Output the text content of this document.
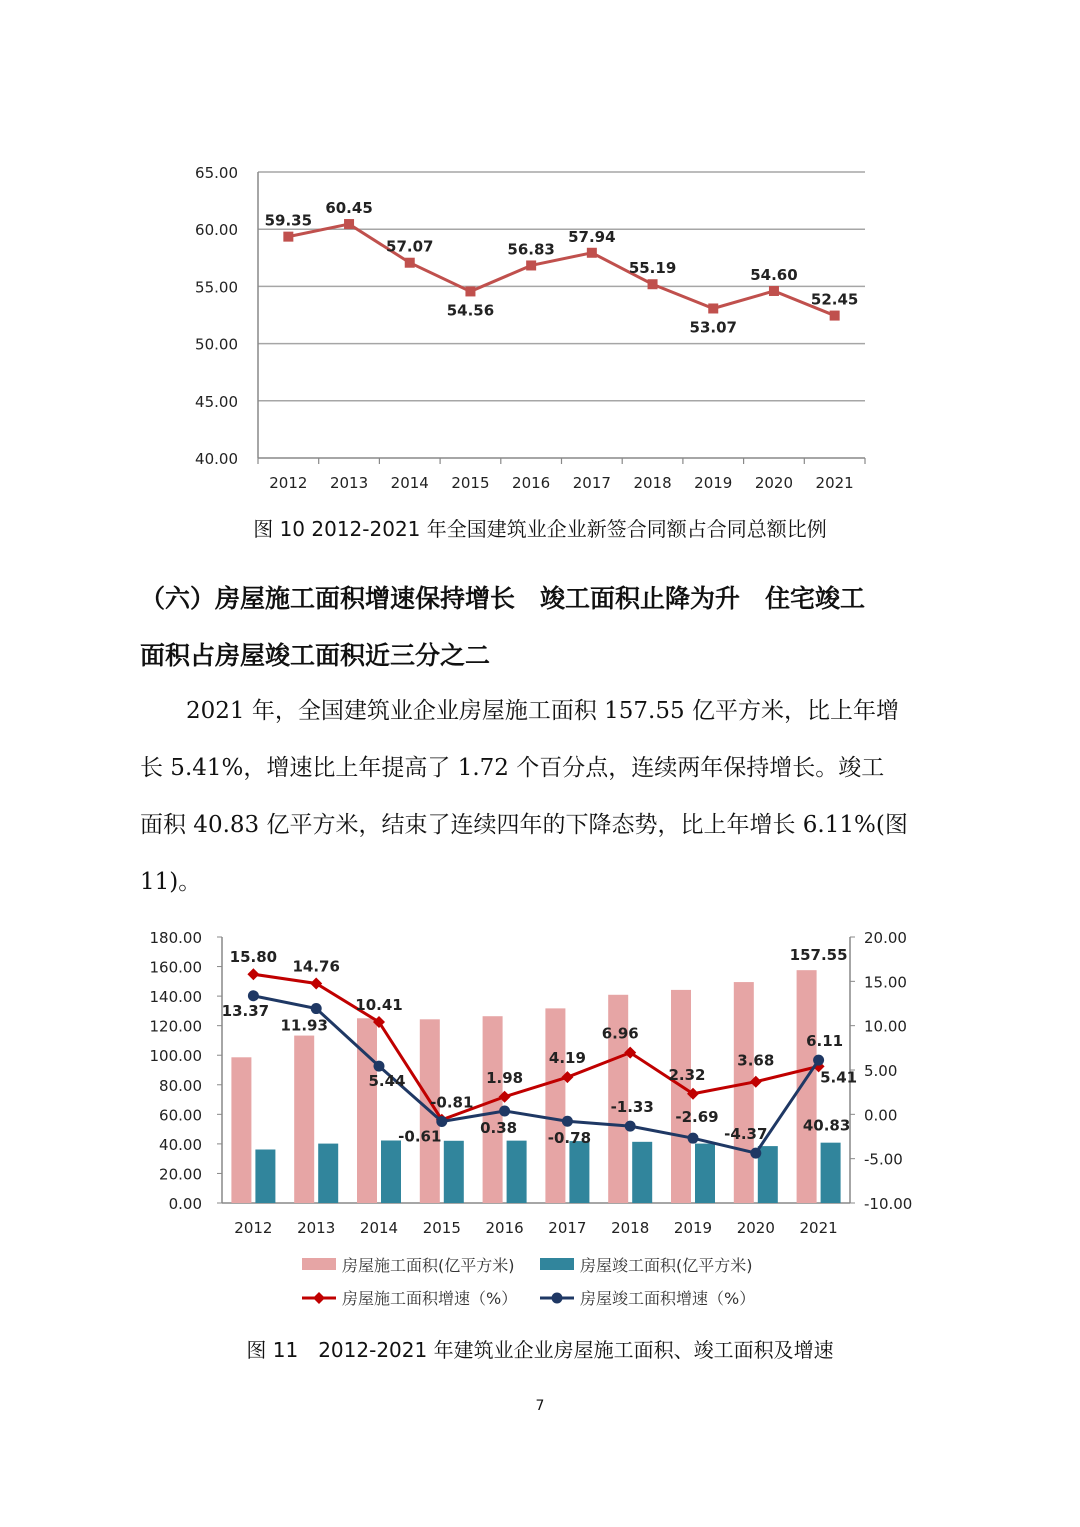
40.00
45.00
50.00
55.00
60.00
65.00
2012 2013 2014 2015 2016 2017 2018 2019 2020 2021
59.35
60.45
57.07
54.56
56.83
57.94
55.19
53.07
54.60
52.45
图 10 2012-2021 年全国建筑业企业新签合同额占合同总额比例
（六）房屋施工面积增速保持增长　竣工面积止降为升　住宅竣工
面积占房屋竣工面积近三分之二
2021 年，全国建筑业企业房屋施工面积 157.55 亿平方米，比上年增
长 5.41%，增速比上年提高了 1.72 个百分点，连续两年保持增长。竣工
面积 40.83 亿平方米，结束了连续四年的下降态势，比上年增长 6.11%(图
11)。
0.00
20.00
40.00
60.00
80.00
100.00
120.00
140.00
160.00
180.00
-10.00
-5.00
0.00
5.00
10.00
15.00
20.00
2012 2013 2014 2015 2016 2017 2018 2019 2020 2021
15.80
14.76
10.41
-0.61
1.98
4.19
6.96
2.32
3.68
5.41
13.37
11.93
5.44
-0.81
0.38
-0.78
-1.33
-2.69
-4.37
6.11
157.55
40.83
房屋施工面积(亿平方米)	房屋竣工面积(亿平方米)
房屋施工面积增速（%）	房屋竣工面积增速（%）
图 11　2012-2021 年建筑业企业房屋施工面积、竣工面积及增速
7
